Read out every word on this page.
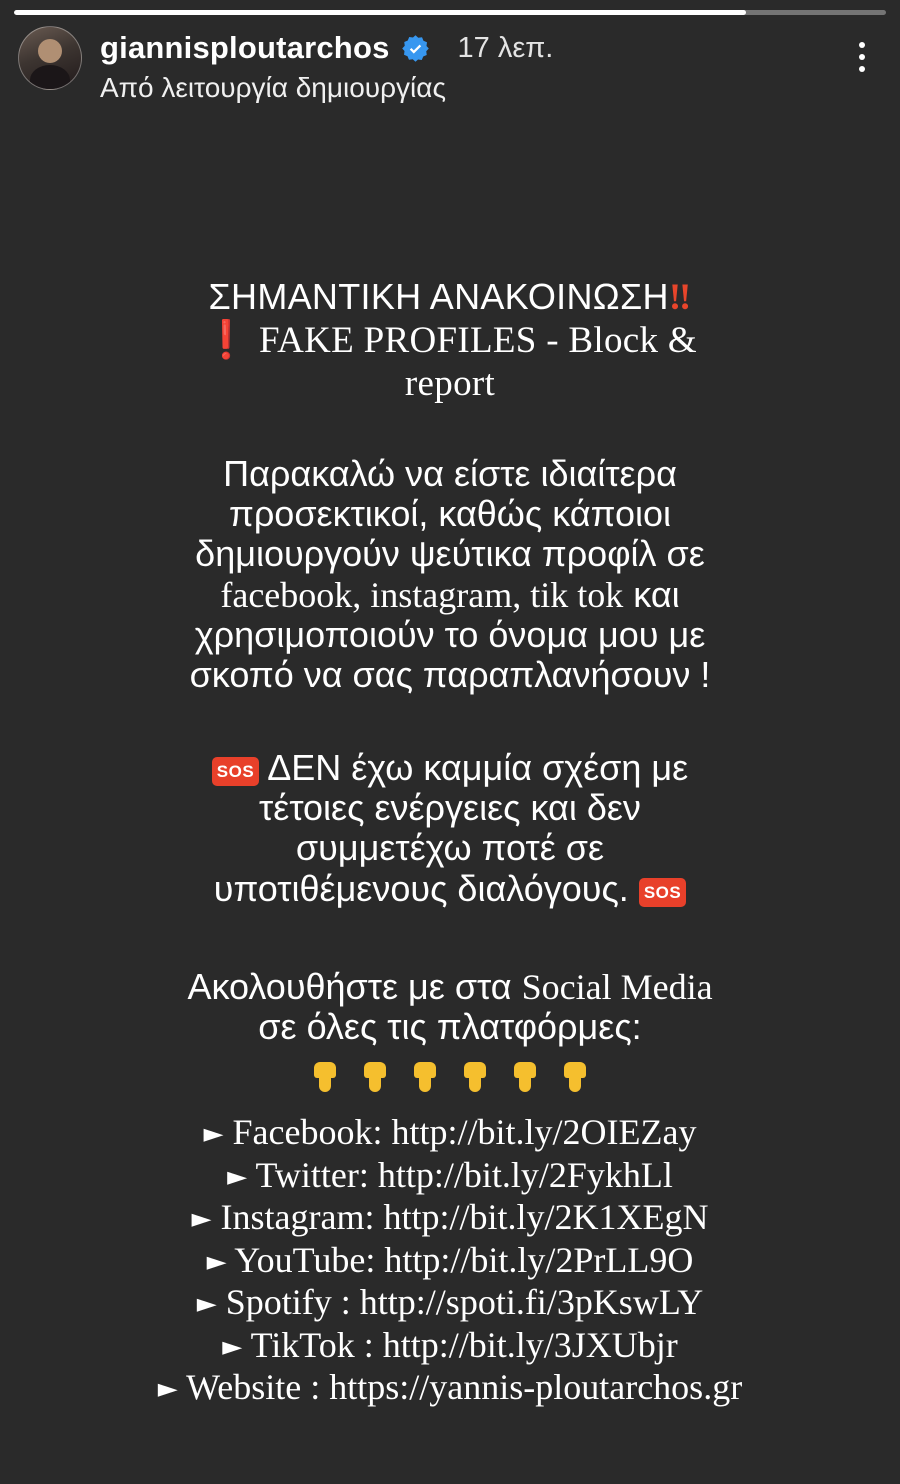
giannisploutarchos 17 λεπ.
Από λειτουργία δημιουργίας
ΣΗΜΑΝΤΙΚΗ ΑΝΑΚΟΙΝΩΣΗ‼
❗ FAKE PROFILES - Block &
report
Παρακαλώ να είστε ιδιαίτερα προσεκτικοί, καθώς κάποιοι δημιουργούν ψεύτικα προφίλ σε facebook, instagram, tik tok και χρησιμοποιούν το όνομα μου με σκοπό να σας παραπλανήσουν !
SOS ΔΕΝ έχω καμμία σχέση με τέτοιες ενέργειες και δεν συμμετέχω ποτέ σε υποτιθέμενους διαλόγους. SOS
Ακολουθήστε με στα Social Media
σε όλες τις πλατφόρμες:

► Facebook: http://bit.ly/2OIEZay
► Twitter: http://bit.ly/2FykhLl
► Instagram: http://bit.ly/2K1XEgN
► YouTube: http://bit.ly/2PrLL9O
► Spotify : http://spoti.fi/3pKswLY
► TikTok : http://bit.ly/3JXUbjr
► Website : https://yannis-ploutarchos.gr
